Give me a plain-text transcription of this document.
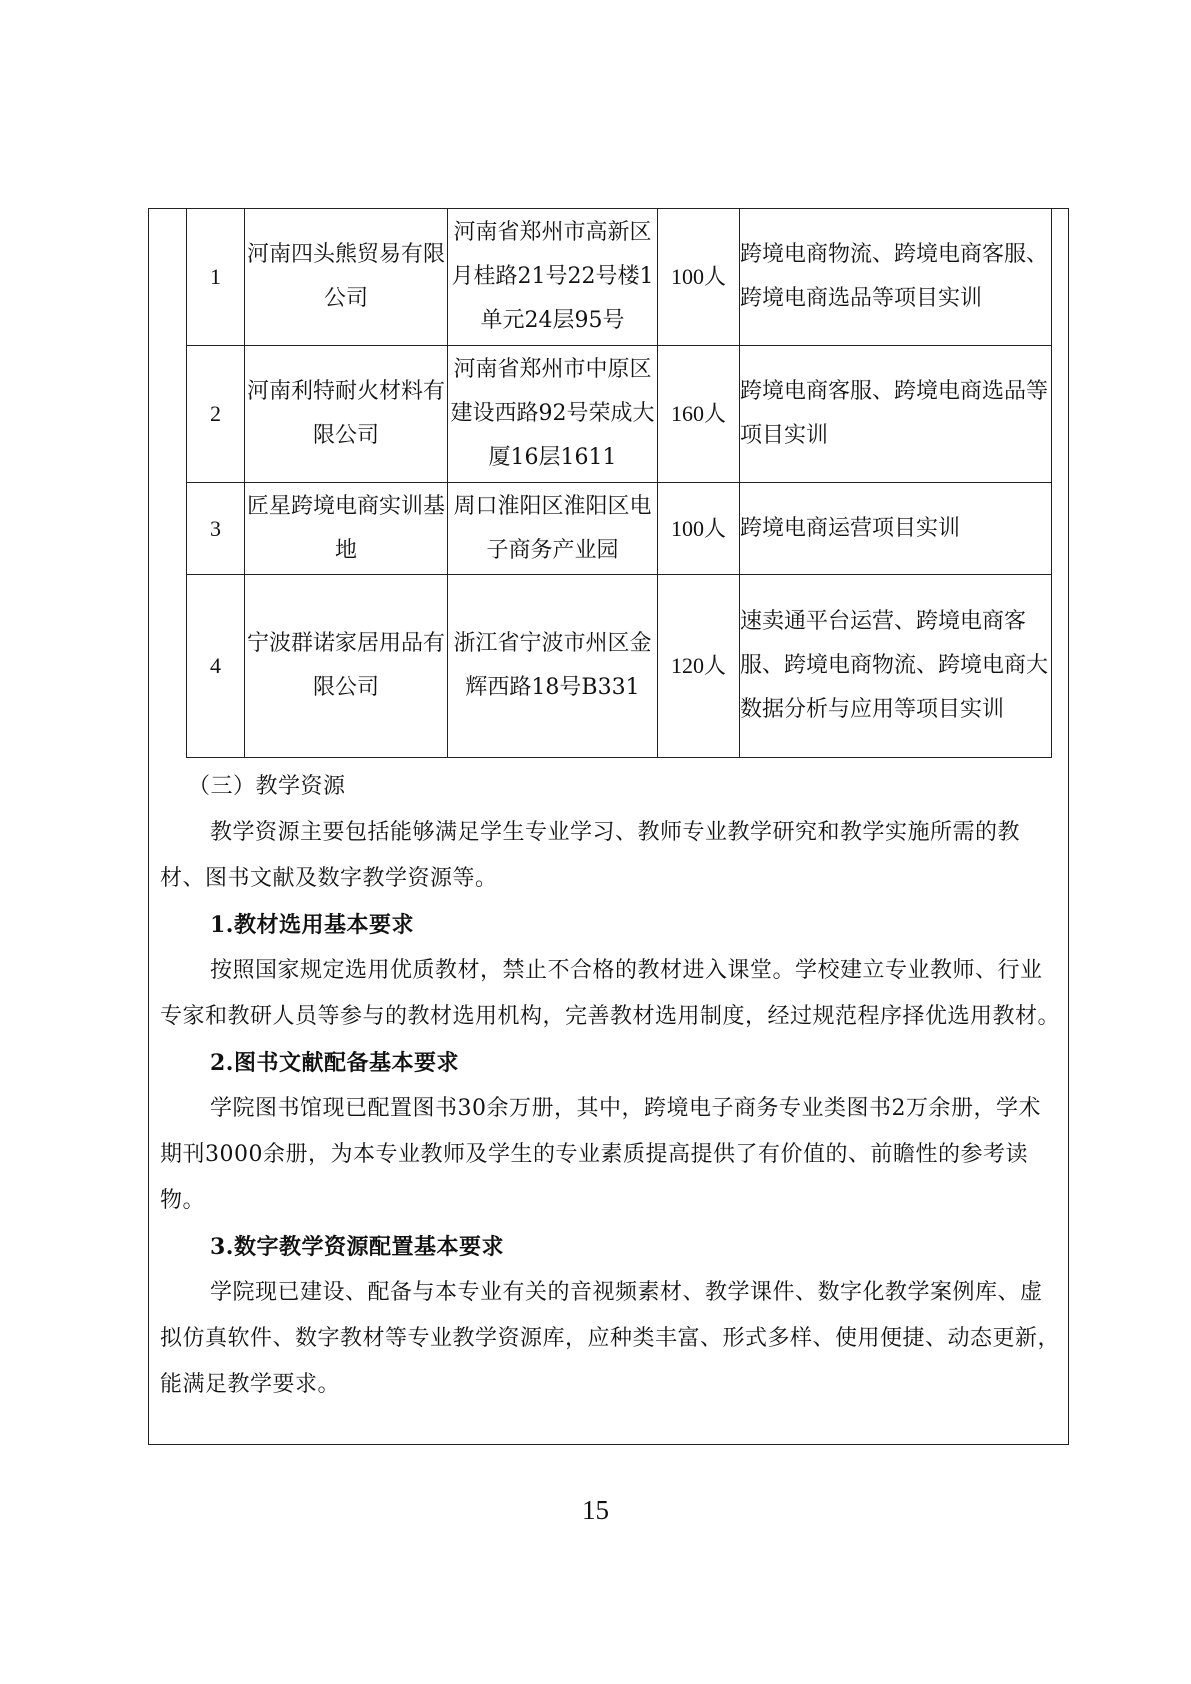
1	河南四头熊贸易有限公司	河南省郑州市高新区月桂路21号22号楼1单元24层95号	100人	跨境电商物流、跨境电商客服、跨境电商选品等项目实训
2	河南利特耐火材料有限公司	河南省郑州市中原区建设西路92号荣成大厦16层1611	160人	跨境电商客服、跨境电商选品等项目实训
3	匠星跨境电商实训基地	周口淮阳区淮阳区电子商务产业园	100人	跨境电商运营项目实训
4	宁波群诺家居用品有限公司	浙江省宁波市州区金辉西路18号B331	120人	速卖通平台运营、跨境电商客服、跨境电商物流、跨境电商大数据分析与应用等项目实训

（三）教学资源

教学资源主要包括能够满足学生专业学习、教师专业教学研究和教学实施所需的教材、图书文献及数字教学资源等。

1.教材选用基本要求

按照国家规定选用优质教材，禁止不合格的教材进入课堂。学校建立专业教师、行业专家和教研人员等参与的教材选用机构，完善教材选用制度，经过规范程序择优选用教材。

2.图书文献配备基本要求

学院图书馆现已配置图书30余万册，其中，跨境电子商务专业类图书2万余册，学术期刊3000余册，为本专业教师及学生的专业素质提高提供了有价值的、前瞻性的参考读物。

3.数字教学资源配置基本要求

学院现已建设、配备与本专业有关的音视频素材、教学课件、数字化教学案例库、虚拟仿真软件、数字教材等专业教学资源库，应种类丰富、形式多样、使用便捷、动态更新，能满足教学要求。

15
